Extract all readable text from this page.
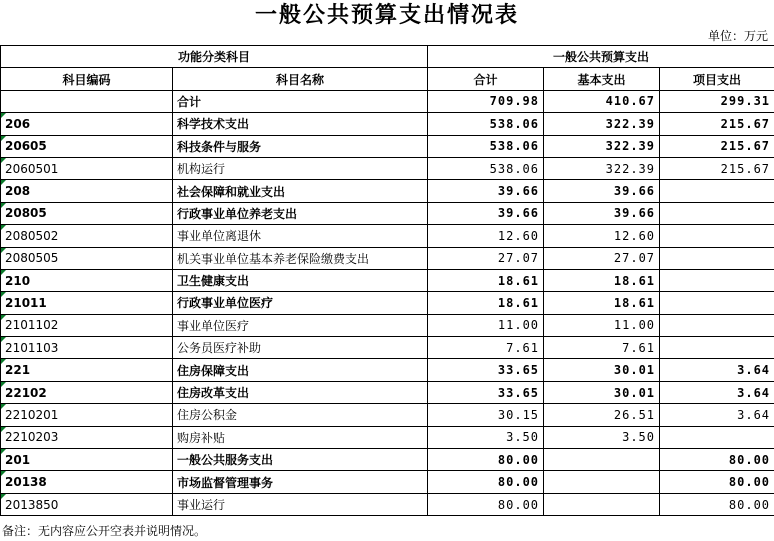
一般公共预算支出情况表
单位：万元
功能分类科目		一般公共预算支出		
科目编码	科目名称	合计	基本支出	项目支出
	合计	709.98	410.67	299.31

206	科学技术支出	538.06	322.39	215.67

20605	科技条件与服务	538.06	322.39	215.67

2060501	机构运行	538.06	322.39	215.67

208	社会保障和就业支出	39.66	39.66	

20805	行政事业单位养老支出	39.66	39.66	

2080502	事业单位离退休	12.60	12.60	

2080505	机关事业单位基本养老保险缴费支出	27.07	27.07	

210	卫生健康支出	18.61	18.61	

21011	行政事业单位医疗	18.61	18.61	

2101102	事业单位医疗	11.00	11.00	

2101103	公务员医疗补助	7.61	7.61	

221	住房保障支出	33.65	30.01	3.64

22102	住房改革支出	33.65	30.01	3.64

2210201	住房公积金	30.15	26.51	3.64

2210203	购房补贴	3.50	3.50	

201	一般公共服务支出	80.00		80.00

20138	市场监督管理事务	80.00		80.00

2013850	事业运行	80.00		80.00
备注：无内容应公开空表并说明情况。
